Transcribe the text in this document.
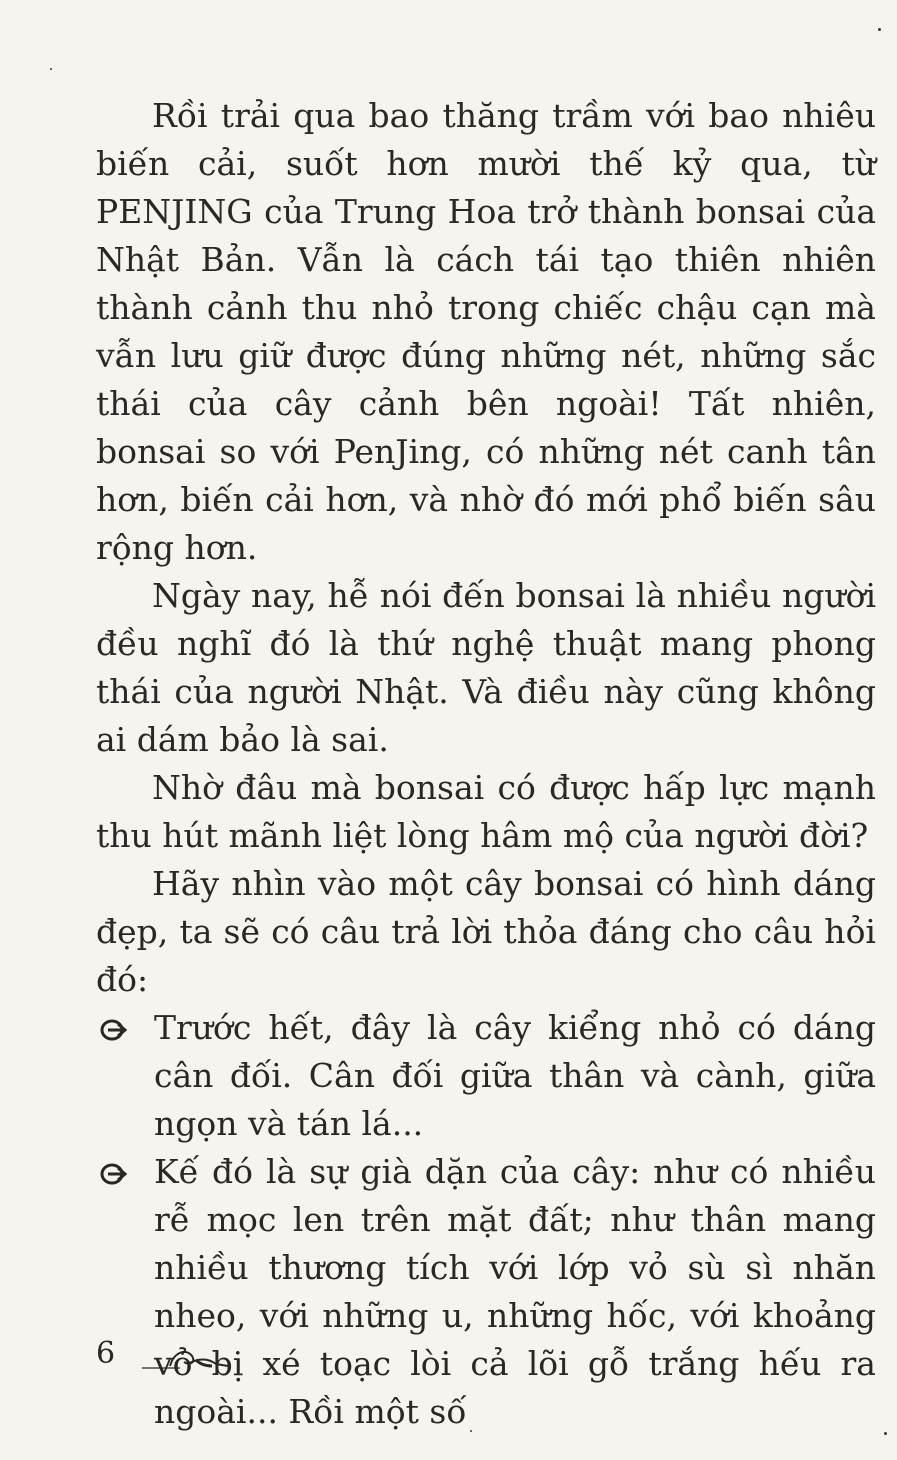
Rồi trải qua bao thăng trầm với bao nhiêu biến cải, suốt hơn mười thế kỷ qua, từ PENJING của Trung Hoa trở thành bonsai của Nhật Bản. Vẫn là cách tái tạo thiên nhiên thành cảnh thu nhỏ trong chiếc chậu cạn mà vẫn lưu giữ được đúng những nét, những sắc thái của cây cảnh bên ngoài! Tất nhiên, bonsai so với PenJing, có những nét canh tân hơn, biến cải hơn, và nhờ đó mới phổ biến sâu rộng hơn.

Ngày nay, hễ nói đến bonsai là nhiều người đều nghĩ đó là thứ nghệ thuật mang phong thái của người Nhật. Và điều này cũng không ai dám bảo là sai.

Nhờ đâu mà bonsai có được hấp lực mạnh thu hút mãnh liệt lòng hâm mộ của người đời?

Hãy nhìn vào một cây bonsai có hình dáng đẹp, ta sẽ có câu trả lời thỏa đáng cho câu hỏi đó:

Trước hết, đây là cây kiểng nhỏ có dáng cân đối. Cân đối giữa thân và cành, giữa ngọn và tán lá...
Kế đó là sự già dặn của cây: như có nhiều rễ mọc len trên mặt đất; như thân mang nhiều thương tích với lớp vỏ sù sì nhăn nheo, với những u, những hốc, với khoảng vỏ bị xé toạc lòi cả lõi gỗ trắng hếu ra ngoài... Rồi một số
6
